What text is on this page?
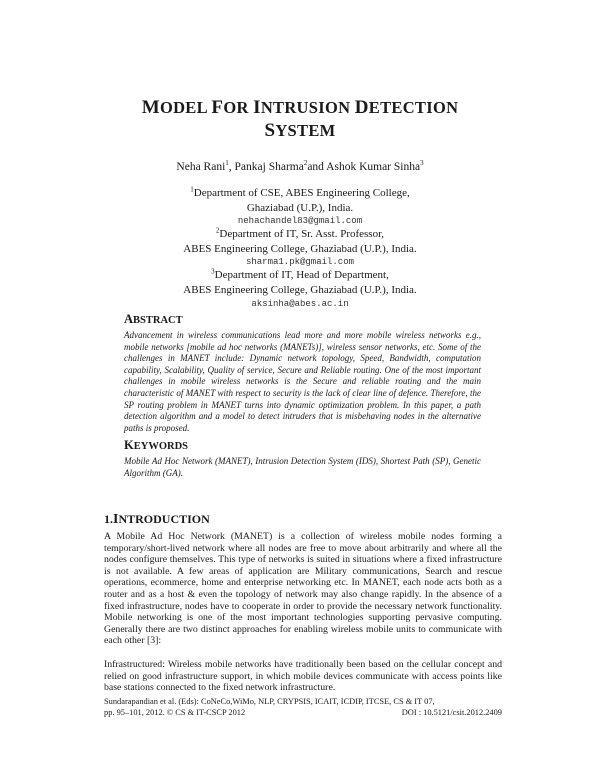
MODEL FOR INTRUSION DETECTION
SYSTEM
Neha Rani$^1$, Pankaj Sharma$^2$and Ashok Kumar Sinha$^3$
$^1$Department of CSE, ABES Engineering College,
Ghaziabad (U.P.), India.
nehachandel83@gmail.com
$^2$Department of IT, Sr. Asst. Professor,
ABES Engineering College, Ghaziabad (U.P.), India.
sharma1.pk@gmail.com
$^3$Department of IT, Head of Department,
ABES Engineering College, Ghaziabad (U.P.), India.
aksinha@abes.ac.in
ABSTRACT

Advancement in wireless communications lead more and more mobile wireless networks e.g., mobile networks [mobile ad hoc networks (MANETs)], wireless sensor networks, etc. Some of the challenges in MANET include: Dynamic network topology, Speed, Bandwidth, computation capability, Scalability, Quality of service, Secure and Reliable routing. One of the most important challenges in mobile wireless networks is the Secure and reliable routing and the main characteristic of MANET with respect to security is the lack of clear line of defence. Therefore, the SP routing problem in MANET turns into dynamic optimization problem. In this paper, a path detection algorithm and a model to detect intruders that is misbehaving nodes in the alternative paths is proposed.

KEYWORDS

Mobile Ad Hoc Network (MANET), Intrusion Detection System (IDS), Shortest Path (SP), Genetic Algorithm (GA).

1.INTRODUCTION

A Mobile Ad Hoc Network (MANET) is a collection of wireless mobile nodes forming a temporary/short-lived network where all nodes are free to move about arbitrarily and where all the nodes configure themselves. This type of networks is suited in situations where a fixed infrastructure is not available. A few areas of application are Military communications, Search and rescue operations, ecommerce, home and enterprise networking etc. In MANET, each node acts both as a router and as a host & even the topology of network may also change rapidly. In the absence of a fixed infrastructure, nodes have to cooperate in order to provide the necessary network functionality. Mobile networking is one of the most important technologies supporting pervasive computing. Generally there are two distinct approaches for enabling wireless mobile units to communicate with each other [3]:

Infrastructured: Wireless mobile networks have traditionally been based on the cellular concept and relied on good infrastructure support, in which mobile devices communicate with access points like base stations connected to the fixed network infrastructure.

Sundarapandian et al. (Eds): CoNeCo,WiMo, NLP, CRYPSIS, ICAIT, ICDIP, ITCSE, CS & IT 07,
pp. 95–101, 2012. © CS & IT-CSCP 2012	DOI : 10.5121/csit.2012.2409
